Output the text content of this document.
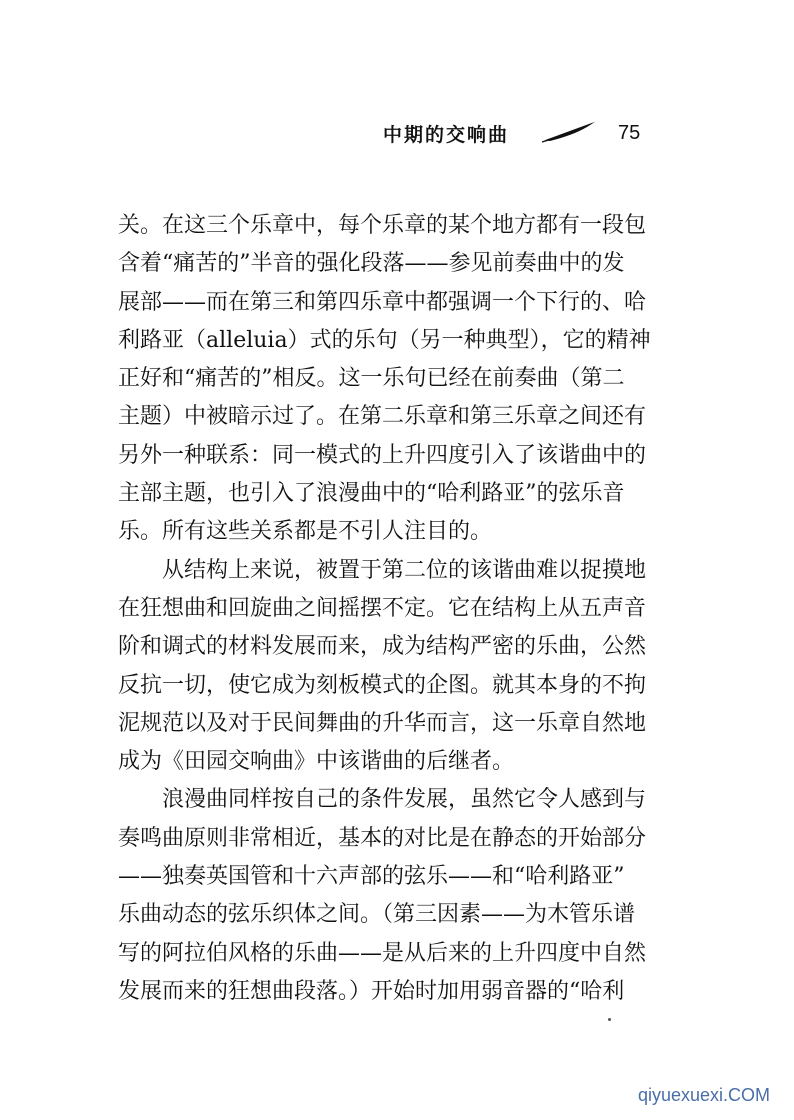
中期的交响曲	75
关。在这三个乐章中，每个乐章的某个地方都有一段包
含着“痛苦的”半音的强化段落——参见前奏曲中的发
展部——而在第三和第四乐章中都强调一个下行的、哈
利路亚（alleluia）式的乐句（另一种典型），它的精神
正好和“痛苦的”相反。这一乐句已经在前奏曲（第二
主题）中被暗示过了。在第二乐章和第三乐章之间还有
另外一种联系：同一模式的上升四度引入了该谐曲中的
主部主题，也引入了浪漫曲中的“哈利路亚”的弦乐音
乐。所有这些关系都是不引人注目的。
从结构上来说，被置于第二位的该谐曲难以捉摸地
在狂想曲和回旋曲之间摇摆不定。它在结构上从五声音
阶和调式的材料发展而来，成为结构严密的乐曲，公然
反抗一切，使它成为刻板模式的企图。就其本身的不拘
泥规范以及对于民间舞曲的升华而言，这一乐章自然地
成为《田园交响曲》中该谐曲的后继者。
浪漫曲同样按自己的条件发展，虽然它令人感到与
奏鸣曲原则非常相近，基本的对比是在静态的开始部分
——独奏英国管和十六声部的弦乐——和“哈利路亚”
乐曲动态的弦乐织体之间。（第三因素——为木管乐谱
写的阿拉伯风格的乐曲——是从后来的上升四度中自然
发展而来的狂想曲段落。）开始时加用弱音器的“哈利
qiyuexuexi.COM
